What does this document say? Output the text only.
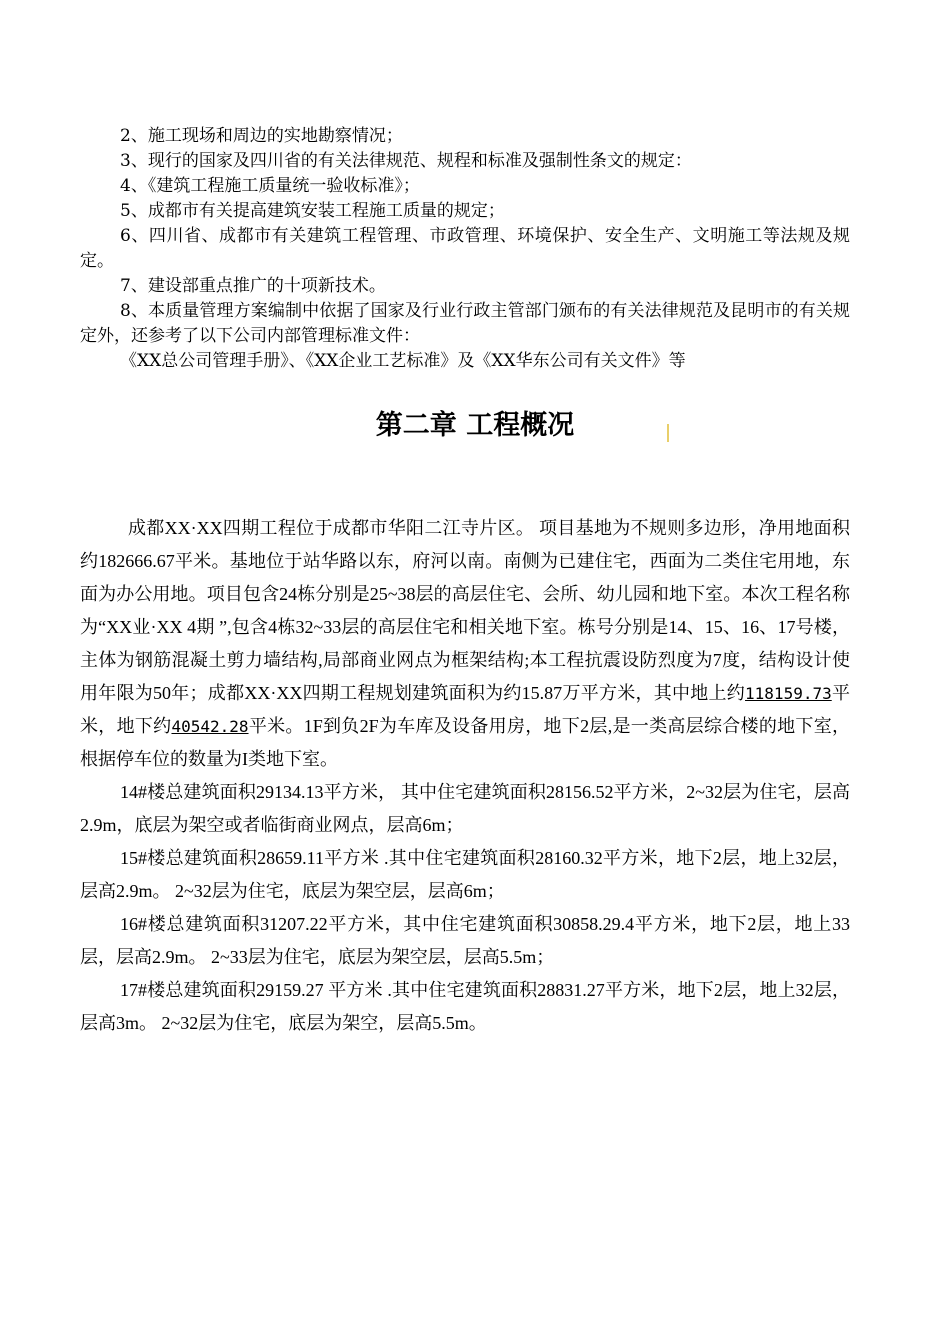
2、施工现场和周边的实地勘察情况；

3、现行的国家及四川省的有关法律规范、规程和标准及强制性条文的规定：

4、《建筑工程施工质量统一验收标准》；

5、成都市有关提高建筑安装工程施工质量的规定；

6、四川省、成都市有关建筑工程管理、市政管理、环境保护、安全生产、文明施工等法规及规定。

7、建设部重点推广的十项新技术。

8、本质量管理方案编制中依据了国家及行业行政主管部门颁布的有关法律规范及昆明市的有关规定外，还参考了以下公司内部管理标准文件：

《XX总公司管理手册》、《XX企业工艺标准》及《XX华东公司有关文件》等

第二章 工程概况

成都XX·XX四期工程位于成都市华阳二江寺片区。 项目基地为不规则多边形，净用地面积约182666.67平米。基地位于站华路以东，府河以南。南侧为已建住宅，西面为二类住宅用地，东面为办公用地。项目包含24栋分别是25~38层的高层住宅、会所、幼儿园和地下室。本次工程名称为“XX业·XX 4期 ”,包含4栋32~33层的高层住宅和相关地下室。栋号分别是14、15、16、17号楼，主体为钢筋混凝土剪力墙结构,局部商业网点为框架结构;本工程抗震设防烈度为7度，结构设计使用年限为50年；成都XX·XX四期工程规划建筑面积为约15.87万平方米，其中地上约118159.73平米，地下约40542.28平米。1F到负2F为车库及设备用房，地下2层,是一类高层综合楼的地下室，根据停车位的数量为I类地下室。

14#楼总建筑面积29134.13平方米， 其中住宅建筑面积28156.52平方米，2~32层为住宅，层高2.9m，底层为架空或者临街商业网点，层高6m；

15#楼总建筑面积28659.11平方米 .其中住宅建筑面积28160.32平方米，地下2层，地上32层，层高2.9m。 2~32层为住宅，底层为架空层，层高6m；

16#楼总建筑面积31207.22平方米，其中住宅建筑面积30858.29.4平方米，地下2层，地上33层，层高2.9m。 2~33层为住宅，底层为架空层，层高5.5m；

17#楼总建筑面积29159.27 平方米 .其中住宅建筑面积28831.27平方米，地下2层，地上32层，层高3m。 2~32层为住宅，底层为架空，层高5.5m。
